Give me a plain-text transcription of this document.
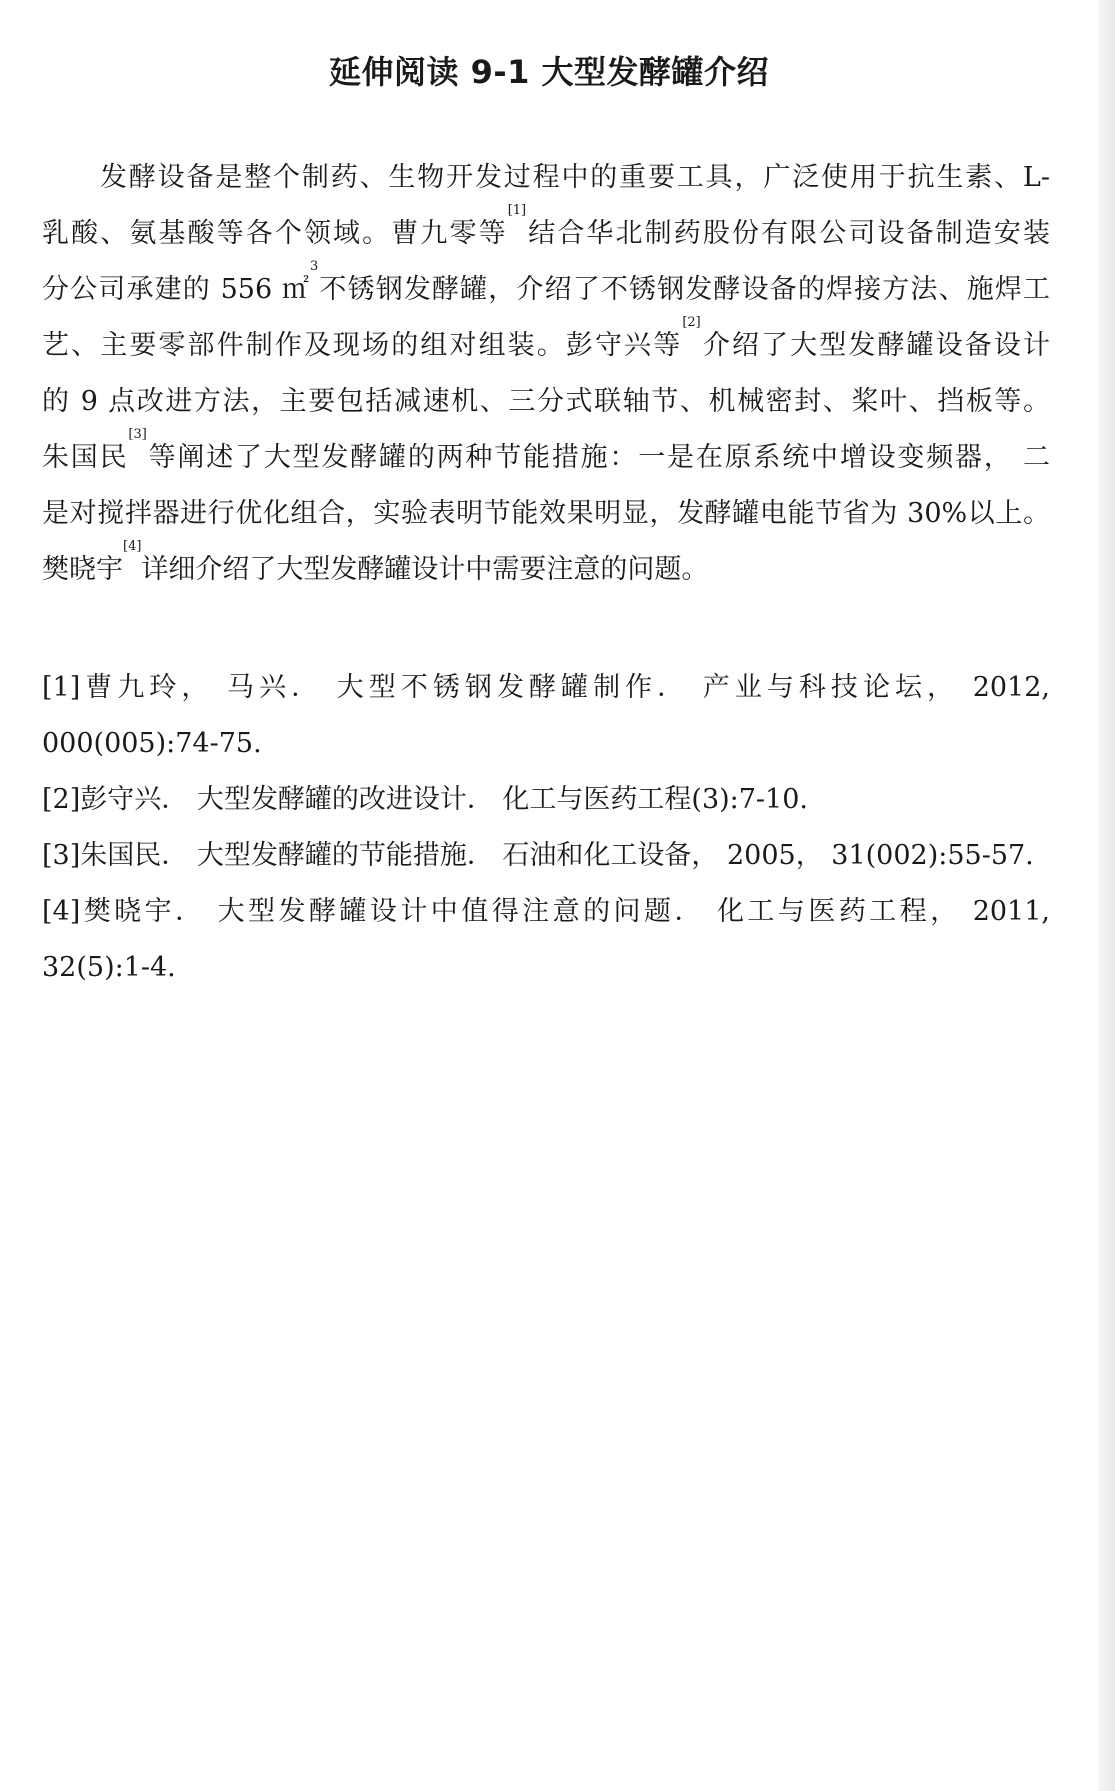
延伸阅读 9-1 大型发酵罐介绍
发酵设备是整个制药、生物开发过程中的重要工具，广泛使用于抗生素、L-
乳酸、氨基酸等各个领域。曹九零等[1]结合华北制药股份有限公司设备制造安装
分公司承建的 556 ㎡$^3$不锈钢发酵罐，介绍了不锈钢发酵设备的焊接方法、施焊工
艺、主要零部件制作及现场的组对组装。彭守兴等[2]介绍了大型发酵罐设备设计
的 9 点改进方法，主要包括减速机、三分式联轴节、机械密封、桨叶、挡板等。
朱国民[3]等阐述了大型发酵罐的两种节能措施：一是在原系统中增设变频器， 二
是对搅拌器进行优化组合，实验表明节能效果明显，发酵罐电能节省为 30%以上。
樊晓宇[4]详细介绍了大型发酵罐设计中需要注意的问题。
[1]曹九玲， 马兴． 大型不锈钢发酵罐制作． 产业与科技论坛， 2012,
000(005):74-75.
[2]彭守兴． 大型发酵罐的改进设计． 化工与医药工程(3):7-10.
[3]朱国民． 大型发酵罐的节能措施． 石油和化工设备， 2005， 31(002):55-57.
[4]樊晓宇． 大型发酵罐设计中值得注意的问题． 化工与医药工程， 2011,
32(5):1-4.
